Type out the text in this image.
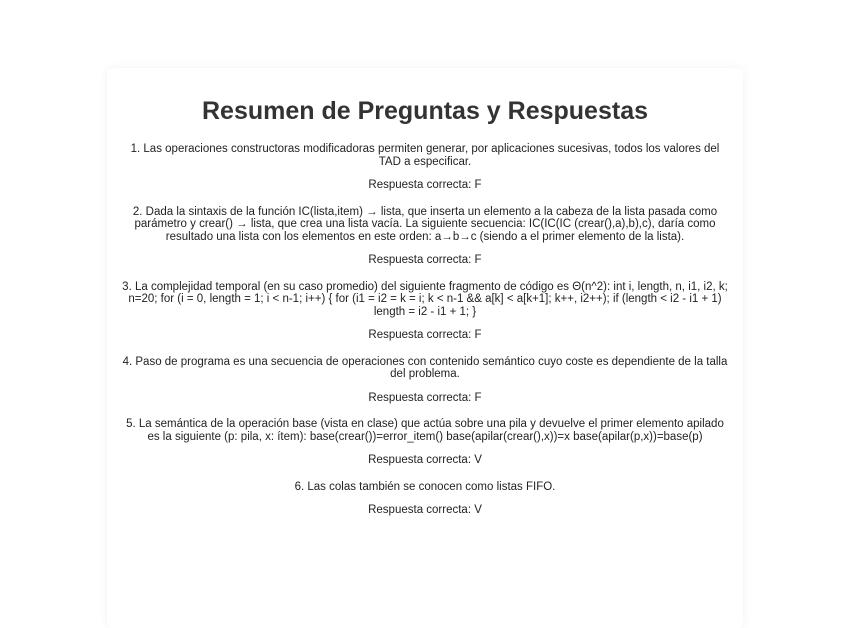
Resumen de Preguntas y Respuestas

1. Las operaciones constructoras modificadoras permiten generar, por aplicaciones sucesivas, todos los valores del TAD a especificar.

Respuesta correcta: F

2. Dada la sintaxis de la función IC(lista,item) → lista, que inserta un elemento a la cabeza de la lista pasada como parámetro y crear() → lista, que crea una lista vacía. La siguiente secuencia: IC(IC(IC (crear(),a),b),c), daría como resultado una lista con los elementos en este orden: a→b→c (siendo a el primer elemento de la lista).

Respuesta correcta: F

3. La complejidad temporal (en su caso promedio) del siguiente fragmento de código es Θ(n^2): int i, length, n, i1, i2, k; n=20; for (i = 0, length = 1; i < n-1; i++) { for (i1 = i2 = k = i; k < n-1 && a[k] < a[k+1]; k++, i2++); if (length < i2 - i1 + 1) length = i2 - i1 + 1; }

Respuesta correcta: F

4. Paso de programa es una secuencia de operaciones con contenido semántico cuyo coste es dependiente de la talla del problema.

Respuesta correcta: F

5. La semántica de la operación base (vista en clase) que actúa sobre una pila y devuelve el primer elemento apilado es la siguiente (p: pila, x: ítem): base(crear())=error_item() base(apilar(crear(),x))=x base(apilar(p,x))=base(p)

Respuesta correcta: V

6. Las colas también se conocen como listas FIFO.

Respuesta correcta: V
